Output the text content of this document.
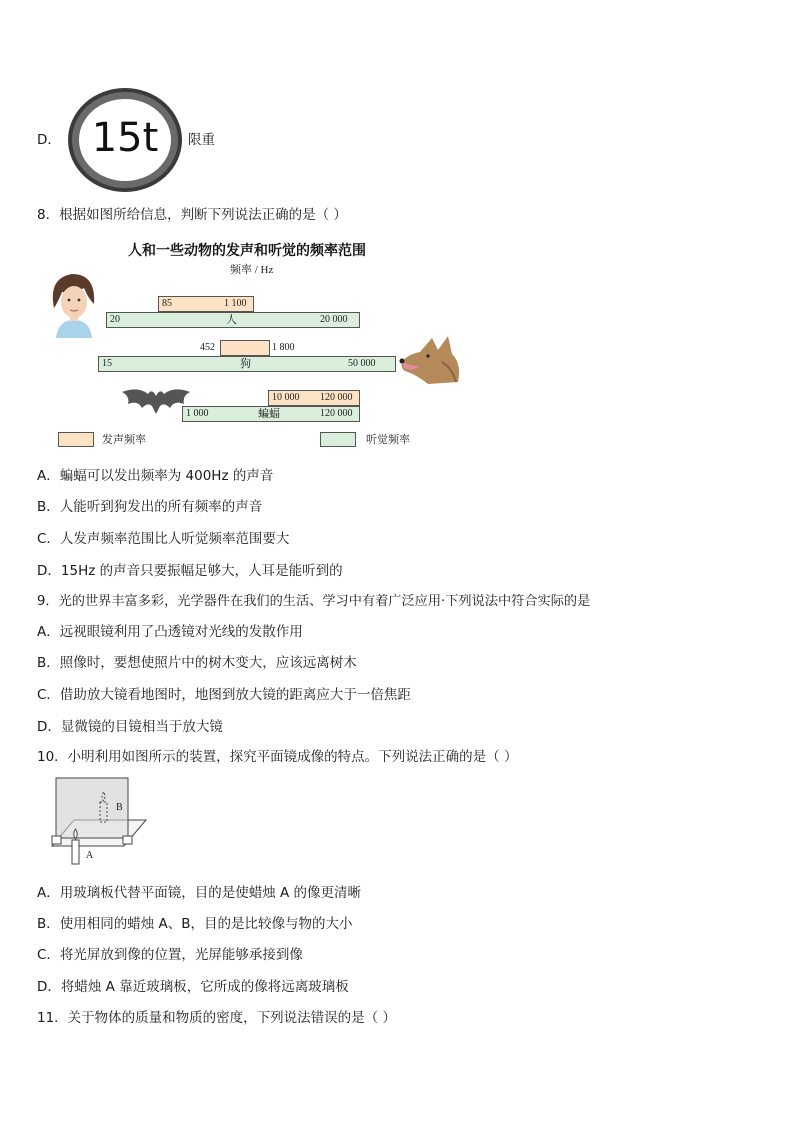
D． 15t	限重
8．根据如图所给信息，判断下列说法正确的是（ ）
人和一些动物的发声和听觉的频率范围
频率 / Hz
85	1 100
20	人	20 000
452	1 800
15	狗	50 000
10 000 120 000
1 000	蝙蝠	120 000
发声频率	听觉频率
A．蝙蝠可以发出频率为 400Hz 的声音
B．人能听到狗发出的所有频率的声音
C．人发声频率范围比人听觉频率范围要大
D．15Hz 的声音只要振幅足够大，人耳是能听到的
9．光的世界丰富多彩，光学器件在我们的生活、学习中有着广泛应用·下列说法中符合实际的是
A．远视眼镜利用了凸透镜对光线的发散作用
B．照像时，要想使照片中的树木变大，应该远离树木
C．借助放大镜看地图时，地图到放大镜的距离应大于一倍焦距
D．显微镜的目镜相当于放大镜
10．小明利用如图所示的装置，探究平面镜成像的特点。下列说法正确的是（ ）
A
B
A．用玻璃板代替平面镜，目的是使蜡烛 A 的像更清晰
B．使用相同的蜡烛 A、B，目的是比较像与物的大小
C．将光屏放到像的位置，光屏能够承接到像
D．将蜡烛 A 靠近玻璃板，它所成的像将远离玻璃板
11．关于物体的质量和物质的密度，下列说法错误的是（ ）
